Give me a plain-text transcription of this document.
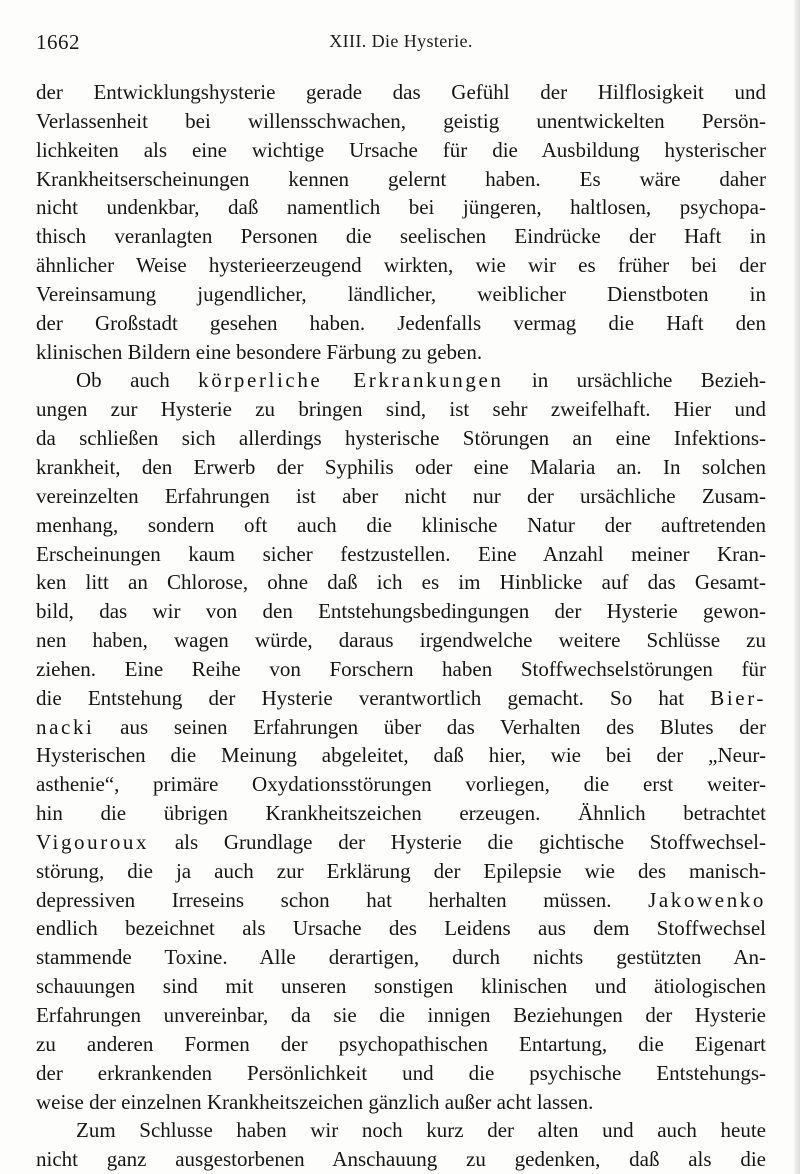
1662	XIII. Die Hysterie.
der Entwicklungshysterie gerade das Gefühl der Hilflosigkeit und
Verlassenheit bei willensschwachen, geistig unentwickelten Persön-
lichkeiten als eine wichtige Ursache für die Ausbildung hysterischer
Krankheitserscheinungen kennen gelernt haben. Es wäre daher
nicht undenkbar, daß namentlich bei jüngeren, haltlosen, psychopa-
thisch veranlagten Personen die seelischen Eindrücke der Haft in
ähnlicher Weise hysterieerzeugend wirkten, wie wir es früher bei der
Vereinsamung jugendlicher, ländlicher, weiblicher Dienstboten in
der Großstadt gesehen haben. Jedenfalls vermag die Haft den
klinischen Bildern eine besondere Färbung zu geben.
Ob auch körperliche Erkrankungen in ursächliche Bezieh-
ungen zur Hysterie zu bringen sind, ist sehr zweifelhaft. Hier und
da schließen sich allerdings hysterische Störungen an eine Infektions-
krankheit, den Erwerb der Syphilis oder eine Malaria an. In solchen
vereinzelten Erfahrungen ist aber nicht nur der ursächliche Zusam-
menhang, sondern oft auch die klinische Natur der auftretenden
Erscheinungen kaum sicher festzustellen. Eine Anzahl meiner Kran-
ken litt an Chlorose, ohne daß ich es im Hinblicke auf das Gesamt-
bild, das wir von den Entstehungsbedingungen der Hysterie gewon-
nen haben, wagen würde, daraus irgendwelche weitere Schlüsse zu
ziehen. Eine Reihe von Forschern haben Stoffwechselstörungen für
die Entstehung der Hysterie verantwortlich gemacht. So hat Bier-
nacki aus seinen Erfahrungen über das Verhalten des Blutes der
Hysterischen die Meinung abgeleitet, daß hier, wie bei der „Neur-
asthenie“, primäre Oxydationsstörungen vorliegen, die erst weiter-
hin die übrigen Krankheitszeichen erzeugen. Ähnlich betrachtet
Vigouroux als Grundlage der Hysterie die gichtische Stoffwechsel-
störung, die ja auch zur Erklärung der Epilepsie wie des manisch-
depressiven Irreseins schon hat herhalten müssen. Jakowenko
endlich bezeichnet als Ursache des Leidens aus dem Stoffwechsel
stammende Toxine. Alle derartigen, durch nichts gestützten An-
schauungen sind mit unseren sonstigen klinischen und ätiologischen
Erfahrungen unvereinbar, da sie die innigen Beziehungen der Hysterie
zu anderen Formen der psychopathischen Entartung, die Eigenart
der erkrankenden Persönlichkeit und die psychische Entstehungs-
weise der einzelnen Krankheitszeichen gänzlich außer acht lassen.
Zum Schlusse haben wir noch kurz der alten und auch heute
nicht ganz ausgestorbenen Anschauung zu gedenken, daß als die
